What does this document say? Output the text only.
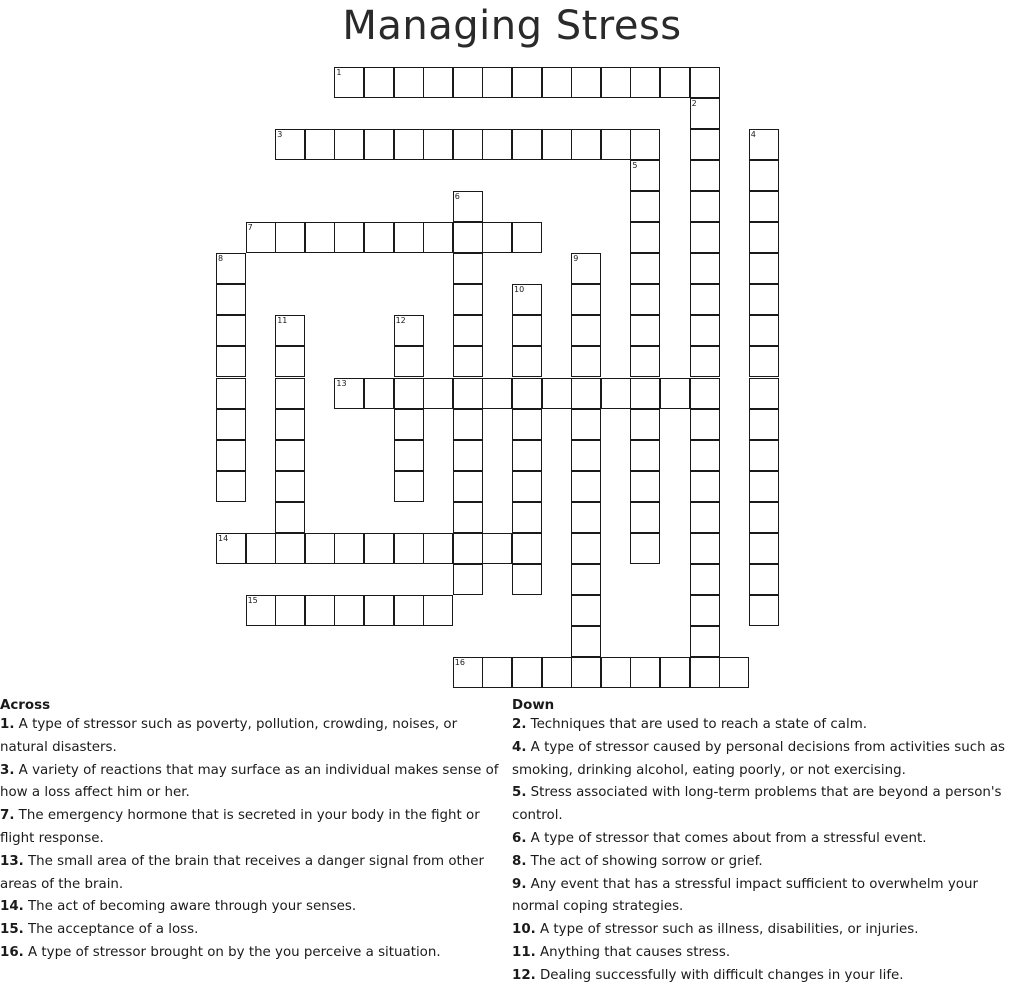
Managing Stress
1
2
3	4
5
6
7
8	9
10
11	12
13
14
15
16
Across

1. A type of stressor such as poverty, pollution, crowding, noises, or natural disasters.

3. A variety of reactions that may surface as an individual makes sense of how a loss affect him or her.

7. The emergency hormone that is secreted in your body in the fight or flight response.

13. The small area of the brain that receives a danger signal from other areas of the brain.

14. The act of becoming aware through your senses.

15. The acceptance of a loss.

16. A type of stressor brought on by the you perceive a situation.

Down

2. Techniques that are used to reach a state of calm.

4. A type of stressor caused by personal decisions from activities such as smoking, drinking alcohol, eating poorly, or not exercising.

5. Stress associated with long-term problems that are beyond a person's control.

6. A type of stressor that comes about from a stressful event.

8. The act of showing sorrow or grief.

9. Any event that has a stressful impact sufficient to overwhelm your normal coping strategies.

10. A type of stressor such as illness, disabilities, or injuries.

11. Anything that causes stress.

12. Dealing successfully with difficult changes in your life.
